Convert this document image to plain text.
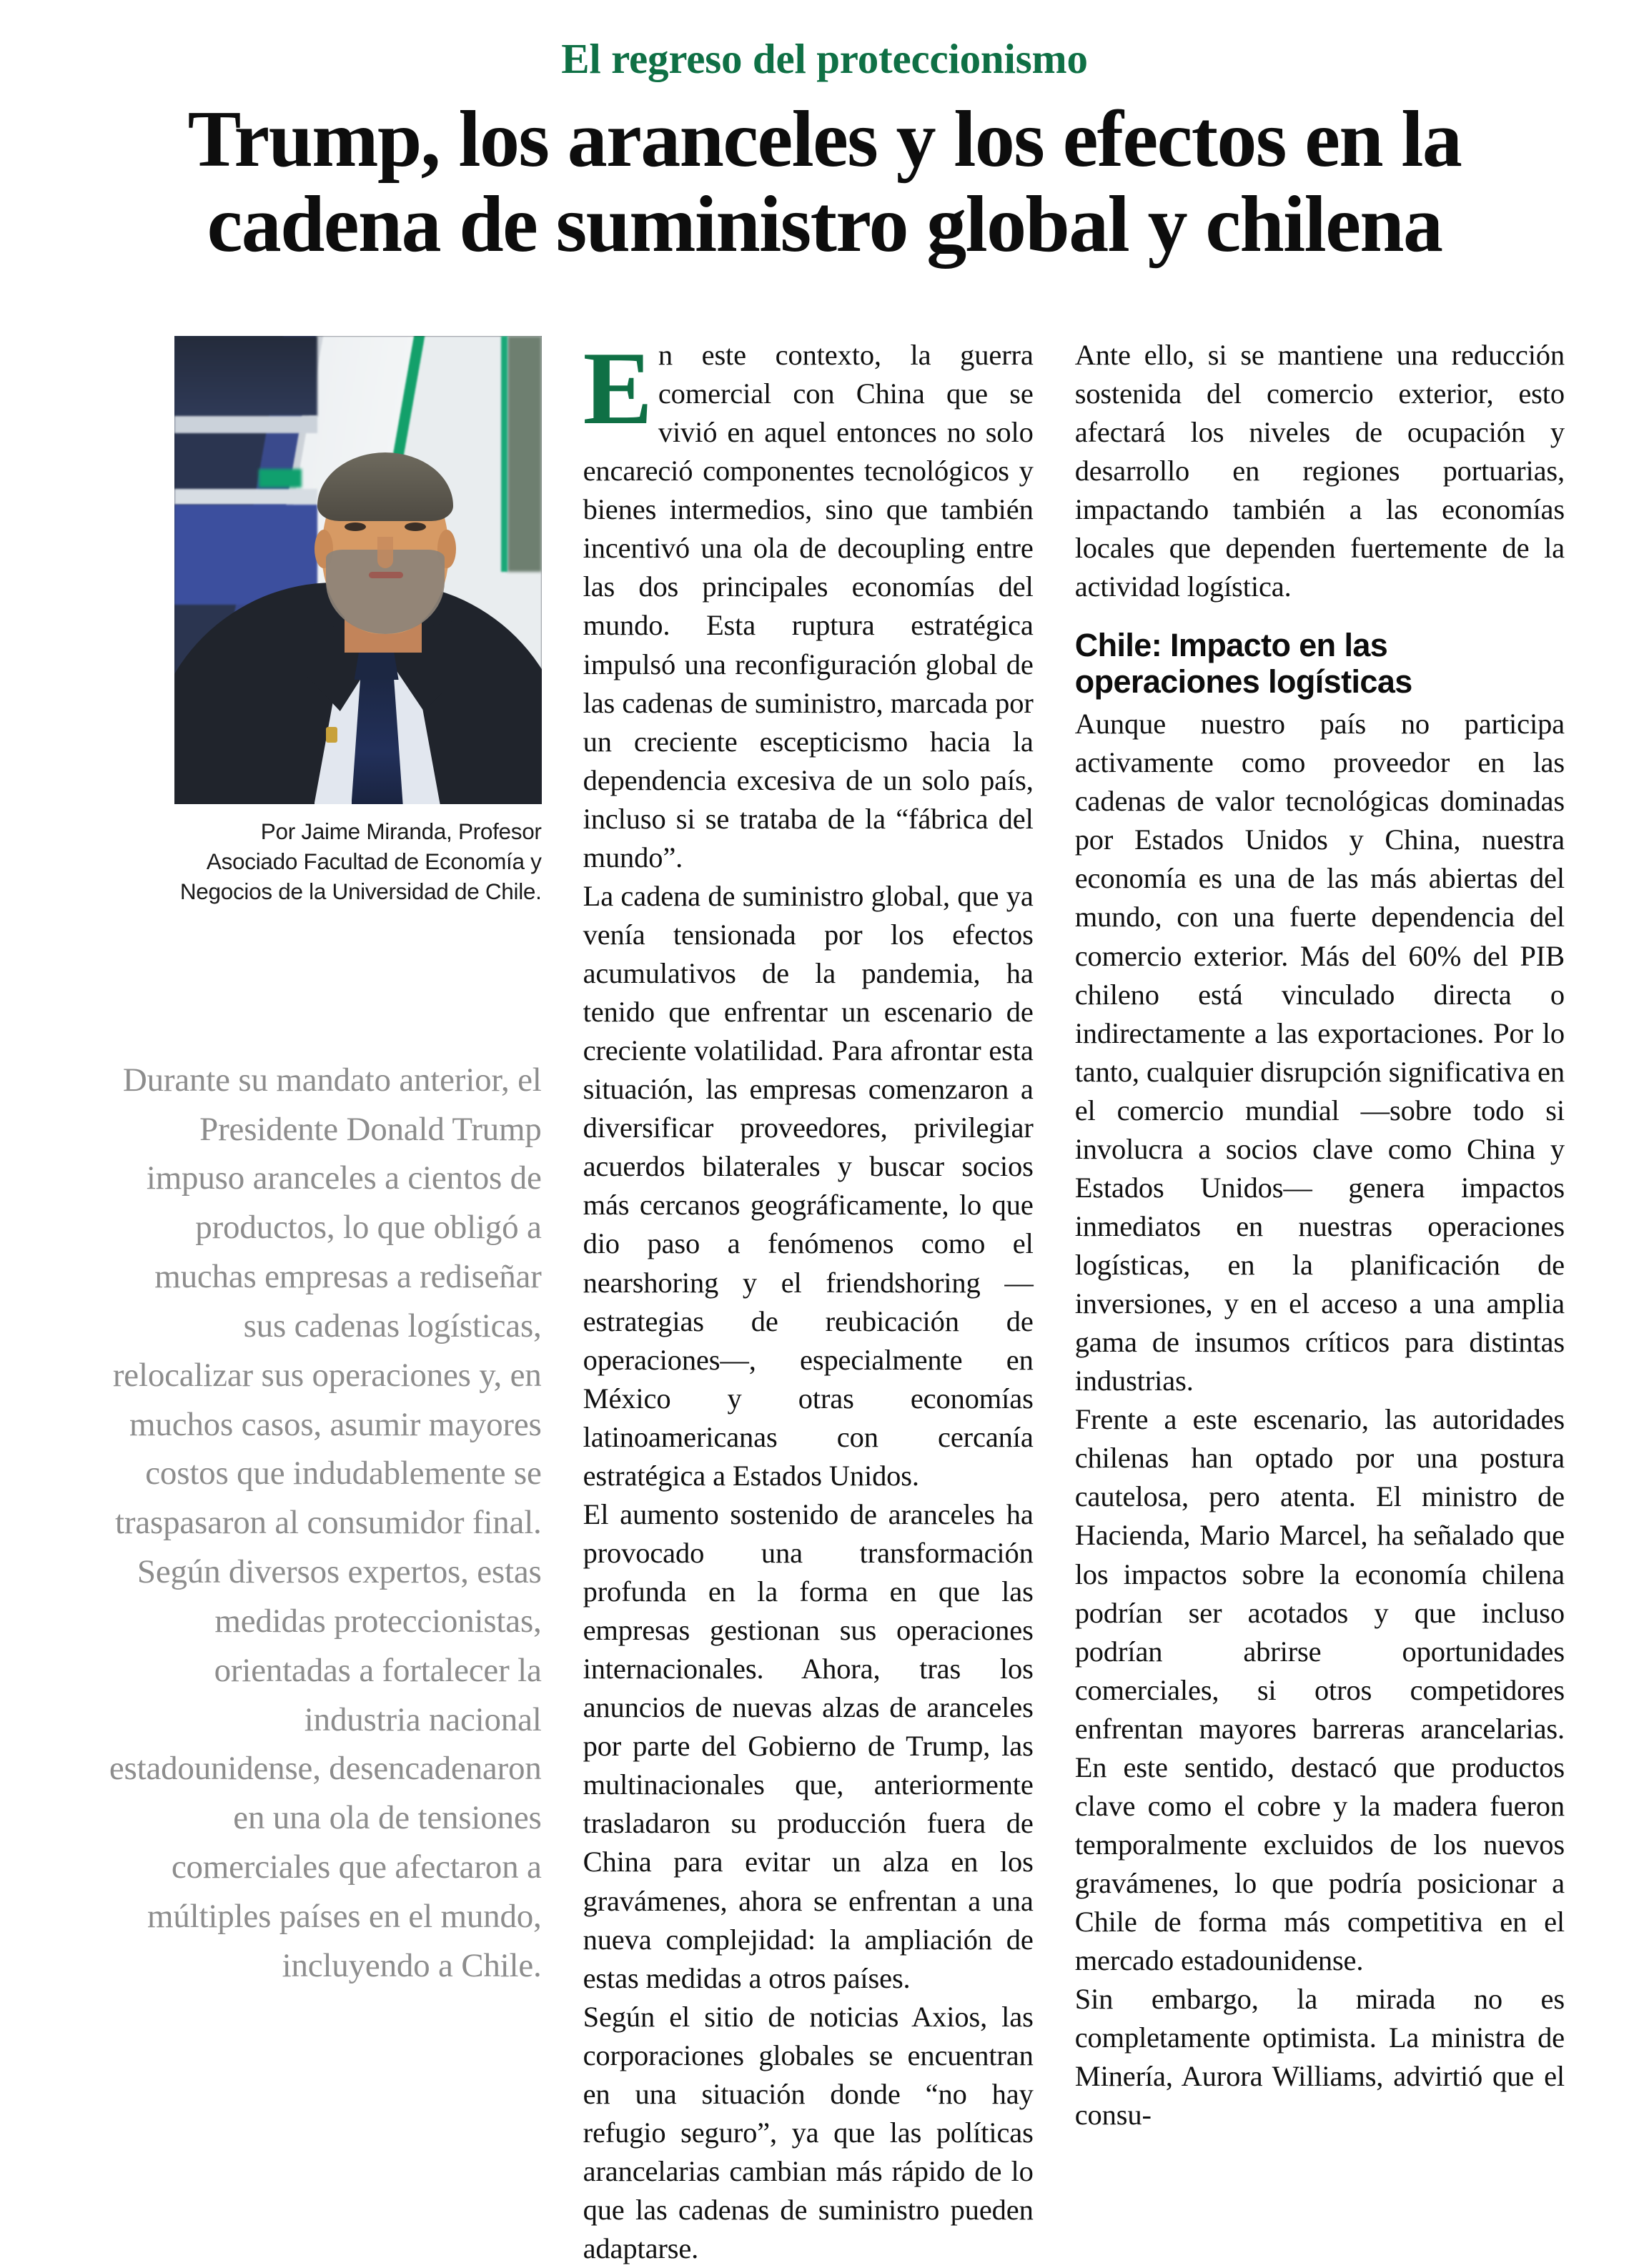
El regreso del proteccionismo
Trump, los aranceles y los efectos en la
cadena de suministro global y chilena
Por Jaime Miranda, Profesor Asociado Facultad de Economía y Negocios de la Universidad de Chile.
Durante su mandato anterior, el Presidente Donald Trump impuso aranceles a cientos de productos, lo que obligó a muchas empresas a rediseñar sus cadenas logísticas, relocalizar sus operaciones y, en muchos casos, asumir mayores costos que indudablemente se traspasaron al consumidor final. Según diversos expertos, estas medidas proteccionistas, orientadas a fortalecer la industria nacional estadounidense, desencadenaron en una ola de tensiones comerciales que afectaron a múltiples países en el mundo, incluyendo a Chile.

En este contexto, la guerra comercial con China que se vivió en aquel entonces no solo encareció componentes tecnológicos y bienes intermedios, sino que también incentivó una ola de decoupling entre las dos principales economías del mundo. Esta ruptura estratégica impulsó una reconfiguración global de las cadenas de suministro, marcada por un creciente escepticismo hacia la dependencia excesiva de un solo país, incluso si se trataba de la “fábrica del mundo”.

La cadena de suministro global, que ya venía tensionada por los efectos acumulativos de la pandemia, ha tenido que enfrentar un escenario de creciente volatilidad. Para afrontar esta situación, las empresas comenzaron a diversificar proveedores, privilegiar acuerdos bilaterales y buscar socios más cercanos geográficamente, lo que dio paso a fenómenos como el nearshoring y el friendshoring —estrategias de reubicación de operaciones—, especialmente en México y otras economías latinoamericanas con cercanía estratégica a Estados Unidos.

El aumento sostenido de aranceles ha provocado una transformación profunda en la forma en que las empresas gestionan sus operaciones internacionales. Ahora, tras los anuncios de nuevas alzas de aranceles por parte del Gobierno de Trump, las multinacionales que, anteriormente trasladaron su producción fuera de China para evitar un alza en los gravámenes, ahora se enfrentan a una nueva complejidad: la ampliación de estas medidas a otros países.

Según el sitio de noticias Axios, las corporaciones globales se encuentran en una situación donde “no hay refugio seguro”, ya que las políticas arancelarias cambian más rápido de lo que las cadenas de suministro pueden adaptarse.

Ante ello, si se mantiene una reducción sostenida del comercio exterior, esto afectará los niveles de ocupación y desarrollo en regiones portuarias, impactando también a las economías locales que dependen fuertemente de la actividad logística.

Chile: Impacto en las
operaciones logísticas

Aunque nuestro país no participa activamente como proveedor en las cadenas de valor tecnológicas dominadas por Estados Unidos y China, nuestra economía es una de las más abiertas del mundo, con una fuerte dependencia del comercio exterior. Más del 60% del PIB chileno está vinculado directa o indirectamente a las exportaciones. Por lo tanto, cualquier disrupción significativa en el comercio mundial —sobre todo si involucra a socios clave como China y Estados Unidos— genera impactos inmediatos en nuestras operaciones logísticas, en la planificación de inversiones, y en el acceso a una amplia gama de insumos críticos para distintas industrias.

Frente a este escenario, las autoridades chilenas han optado por una postura cautelosa, pero atenta. El ministro de Hacienda, Mario Marcel, ha señalado que los impactos sobre la economía chilena podrían ser acotados y que incluso podrían abrirse oportunidades comerciales, si otros competidores enfrentan mayores barreras arancelarias. En este sentido, destacó que productos clave como el cobre y la madera fueron temporalmente excluidos de los nuevos gravámenes, lo que podría posicionar a Chile de forma más competitiva en el mercado estadounidense.

Sin embargo, la mirada no es completamente optimista. La ministra de Minería, Aurora Williams, advirtió que el consu-
